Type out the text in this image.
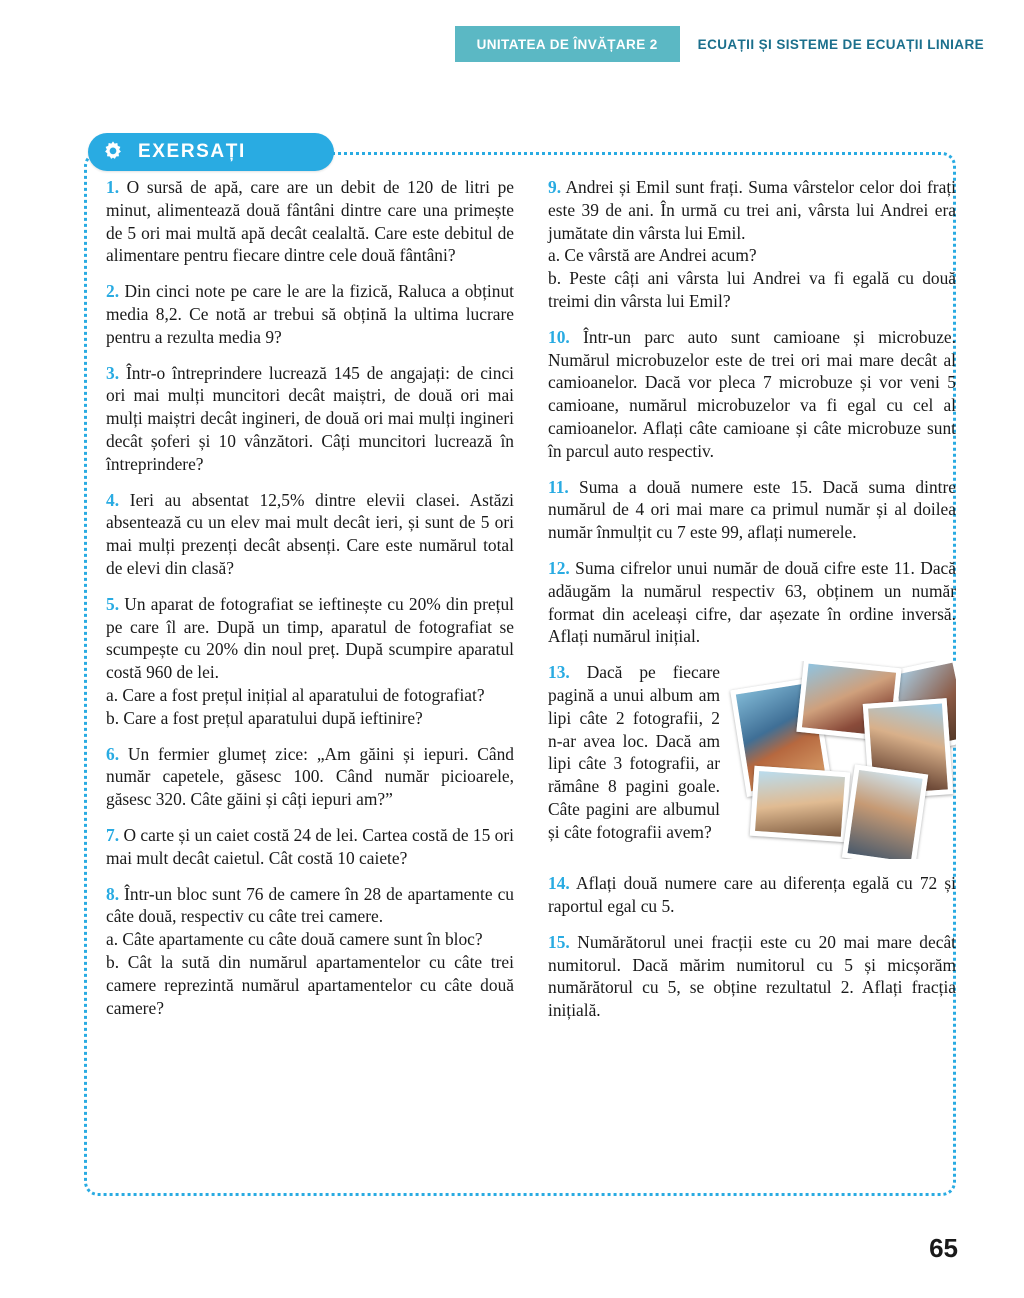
UNITATEA DE ÎNVĂȚARE 2	ECUAȚII ȘI SISTEME DE ECUAȚII LINIARE
EXERSAȚI

1. O sursă de apă, care are un debit de 120 de litri pe minut, alimentează două fântâni dintre care una primește de 5 ori mai multă apă decât cealaltă. Care este debitul de alimentare pentru fiecare dintre cele două fântâni?

2. Din cinci note pe care le are la fizică, Raluca a obținut media 8,2. Ce notă ar trebui să obțină la ultima lucrare pentru a rezulta media 9?

3. Într-o întreprindere lucrează 145 de angajați: de cinci ori mai mulți muncitori decât maiștri, de două ori mai mulți maiștri decât ingineri, de două ori mai mulți ingineri decât șoferi și 10 vânzători. Câți muncitori lucrează în întreprindere?

4. Ieri au absentat 12,5% dintre elevii clasei. Astăzi absentează cu un elev mai mult decât ieri, și sunt de 5 ori mai mulți prezenți decât absenți. Care este numărul total de elevi din clasă?

5. Un aparat de fotografiat se ieftinește cu 20% din prețul pe care îl are. După un timp, aparatul de fotografiat se scumpește cu 20% din noul preț. După scumpire aparatul costă 960 de lei.
a. Care a fost prețul inițial al aparatului de fotografiat?
b. Care a fost prețul aparatului după ieftinire?

6. Un fermier glumeț zice: „Am găini și iepuri. Când număr capetele, găsesc 100. Când număr picioarele, găsesc 320. Câte găini și câți iepuri am?”

7. O carte și un caiet costă 24 de lei. Cartea costă de 15 ori mai mult decât caietul. Cât costă 10 caiete?

8. Într-un bloc sunt 76 de camere în 28 de apartamente cu câte două, respectiv cu câte trei camere.
a. Câte apartamente cu câte două camere sunt în bloc?
b. Cât la sută din numărul apartamentelor cu câte trei camere reprezintă numărul apartamentelor cu câte două camere?

9. Andrei și Emil sunt frați. Suma vârstelor celor doi frați este 39 de ani. În urmă cu trei ani, vârsta lui Andrei era jumătate din vârsta lui Emil.
a. Ce vârstă are Andrei acum?
b. Peste câți ani vârsta lui Andrei va fi egală cu două treimi din vârsta lui Emil?

10. Într-un parc auto sunt camioane și microbuze. Numărul microbuzelor este de trei ori mai mare decât al camioanelor. Dacă vor pleca 7 microbuze și vor veni 5 camioane, numărul microbuzelor va fi egal cu cel al camioanelor. Aflați câte camioane și câte microbuze sunt în parcul auto respectiv.

11. Suma a două numere este 15. Dacă suma dintre numărul de 4 ori mai mare ca primul număr și al doilea număr înmulțit cu 7 este 99, aflați numerele.

12. Suma cifrelor unui număr de două cifre este 11. Dacă adăugăm la numărul respectiv 63, obținem un număr format din aceleași cifre, dar așezate în ordine inversă. Aflați numărul inițial.

13. Dacă pe fiecare pagină a unui album am lipi câte 2 fotografii, 2 n-ar avea loc. Dacă am lipi câte 3 fotografii, ar rămâne 8 pagini goale. Câte pagini are albumul și câte fotografii avem?

14. Aflați două numere care au diferența egală cu 72 și raportul egal cu 5.

15. Numărătorul unei fracții este cu 20 mai mare decât numitorul. Dacă mărim numitorul cu 5 și micșorăm numărătorul cu 5, se obține rezultatul 2. Aflați fracția inițială.

65
